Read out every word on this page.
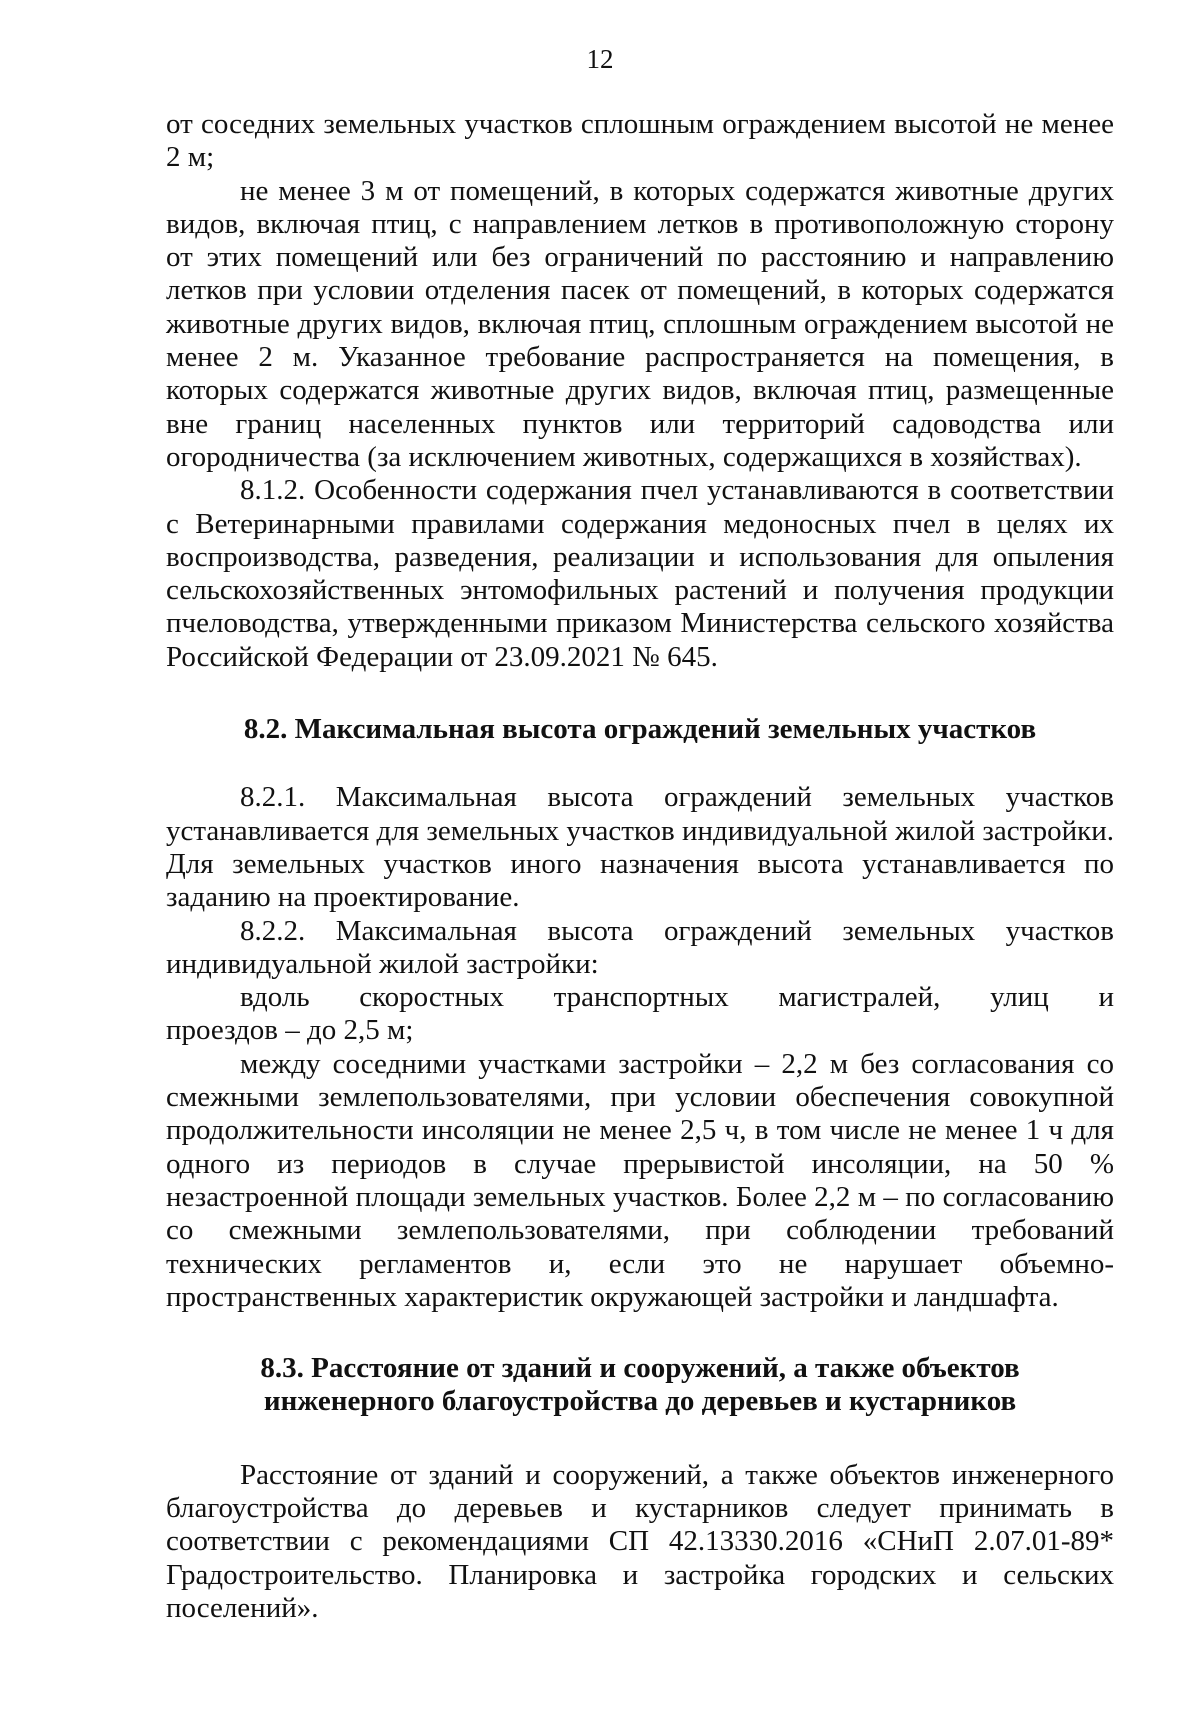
12

от соседних земельных участков сплошным ограждением высотой не менее 2 м;

не менее 3 м от помещений, в которых содержатся животные других видов, включая птиц, с направлением летков в противоположную сторону от этих помещений или без ограничений по расстоянию и направлению летков при условии отделения пасек от помещений, в которых содержатся животные других видов, включая птиц, сплошным ограждением высотой не менее 2 м. Указанное требование распространяется на помещения, в которых содержатся животные других видов, включая птиц, размещенные вне границ населенных пунктов или территорий садоводства или огородничества (за исключением животных, содержащихся в хозяйствах).

8.1.2. Особенности содержания пчел устанавливаются в соответствии с Ветеринарными правилами содержания медоносных пчел в целях их воспроизводства, разведения, реализации и использования для опыления сельскохозяйственных энтомофильных растений и получения продукции пчеловодства, утвержденными приказом Министерства сельского хозяйства Российской Федерации от 23.09.2021 № 645.

8.2. Максимальная высота ограждений земельных участков

8.2.1. Максимальная высота ограждений земельных участков устанавливается для земельных участков индивидуальной жилой застройки. Для земельных участков иного назначения высота устанавливается по заданию на проектирование.

8.2.2. Максимальная высота ограждений земельных участков индивидуальной жилой застройки:

вдоль скоростных транспортных магистралей, улиц и

проездов – до 2,5 м;

между соседними участками застройки – 2,2 м без согласования со смежными землепользователями, при условии обеспечения совокупной продолжительности инсоляции не менее 2,5 ч, в том числе не менее 1 ч для одного из периодов в случае прерывистой инсоляции, на 50 % незастроенной площади земельных участков. Более 2,2 м – по согласованию со смежными землепользователями, при соблюдении требований технических регламентов и, если это не нарушает объемно-пространственных характеристик окружающей застройки и ландшафта.

8.3. Расстояние от зданий и сооружений, а также объектов
инженерного благоустройства до деревьев и кустарников

Расстояние от зданий и сооружений, а также объектов инженерного благоустройства до деревьев и кустарников следует принимать в соответствии с рекомендациями СП 42.13330.2016 «СНиП 2.07.01-89* Градостроительство. Планировка и застройка городских и сельских поселений».
